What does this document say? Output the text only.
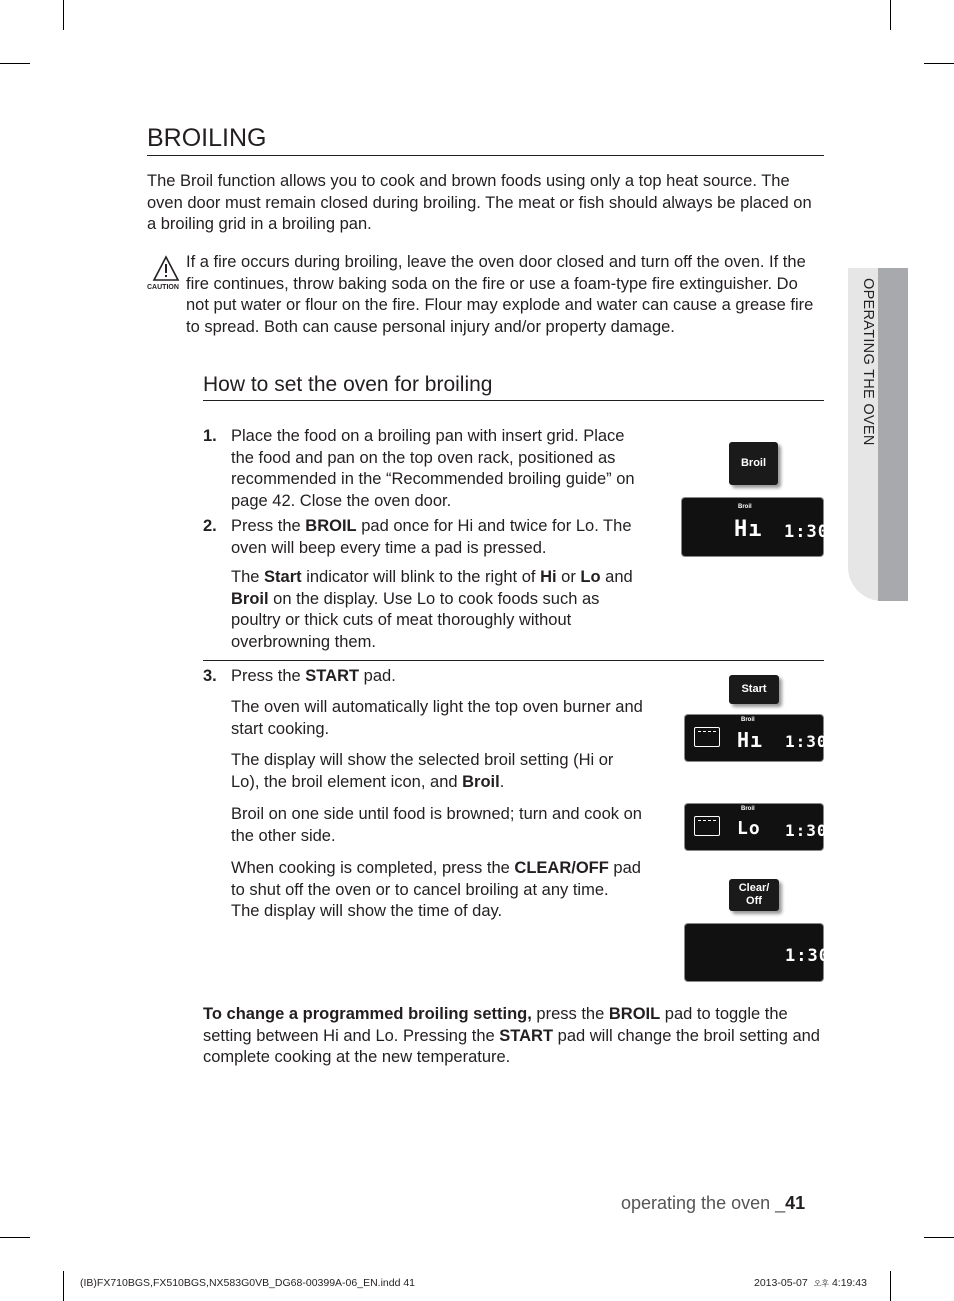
BROILING

The Broil function allows you to cook and brown foods using only a top heat source. The oven door must remain closed during broiling. The meat or fish should always be placed on a broiling grid in a broiling pan.

CAUTION

If a fire occurs during broiling, leave the oven door closed and turn off the oven. If the fire continues, throw baking soda on the fire or use a foam-type fire extinguisher. Do not put water or flour on the fire. Flour may explode and water can cause a grease fire to spread. Both can cause personal injury and/or property damage.

How to set the oven for broiling
1. Place the food on a broiling pan with insert grid. Place the food and pan on the top oven rack, positioned as recommended in the “Recommended broiling guide” on page 42. Close the oven door.

2. Press the BROIL pad once for Hi and twice for Lo. The oven will beep every time a pad is pressed.

The Start indicator will blink to the right of Hi or Lo and Broil on the display. Use Lo to cook foods such as poultry or thick cuts of meat thoroughly without overbrowning them.

3. Press the START pad.

The oven will automatically light the top oven burner and start cooking.

The display will show the selected broil setting (Hi or Lo), the broil element icon, and Broil.

Broil on one side until food is browned; turn and cook on the other side.

When cooking is completed, press the CLEAR/OFF pad to shut off the oven or to cancel broiling at any time. The display will show the time of day.

Broil
Broil
Hı 1:30
Start
Broil
Hı 1:30
Broil
Lo 1:30
Clear/
Off
1:30

To change a programmed broiling setting, press the BROIL pad to toggle the setting between Hi and Lo. Pressing the START pad will change the broil setting and complete cooking at the new temperature.

OPERATING THE OVEN
operating the oven _41
(IB)FX710BGS,FX510BGS,NX583G0VB_DG68-00399A-06_EN.indd 41	2013-05-07 오후 4:19:43
